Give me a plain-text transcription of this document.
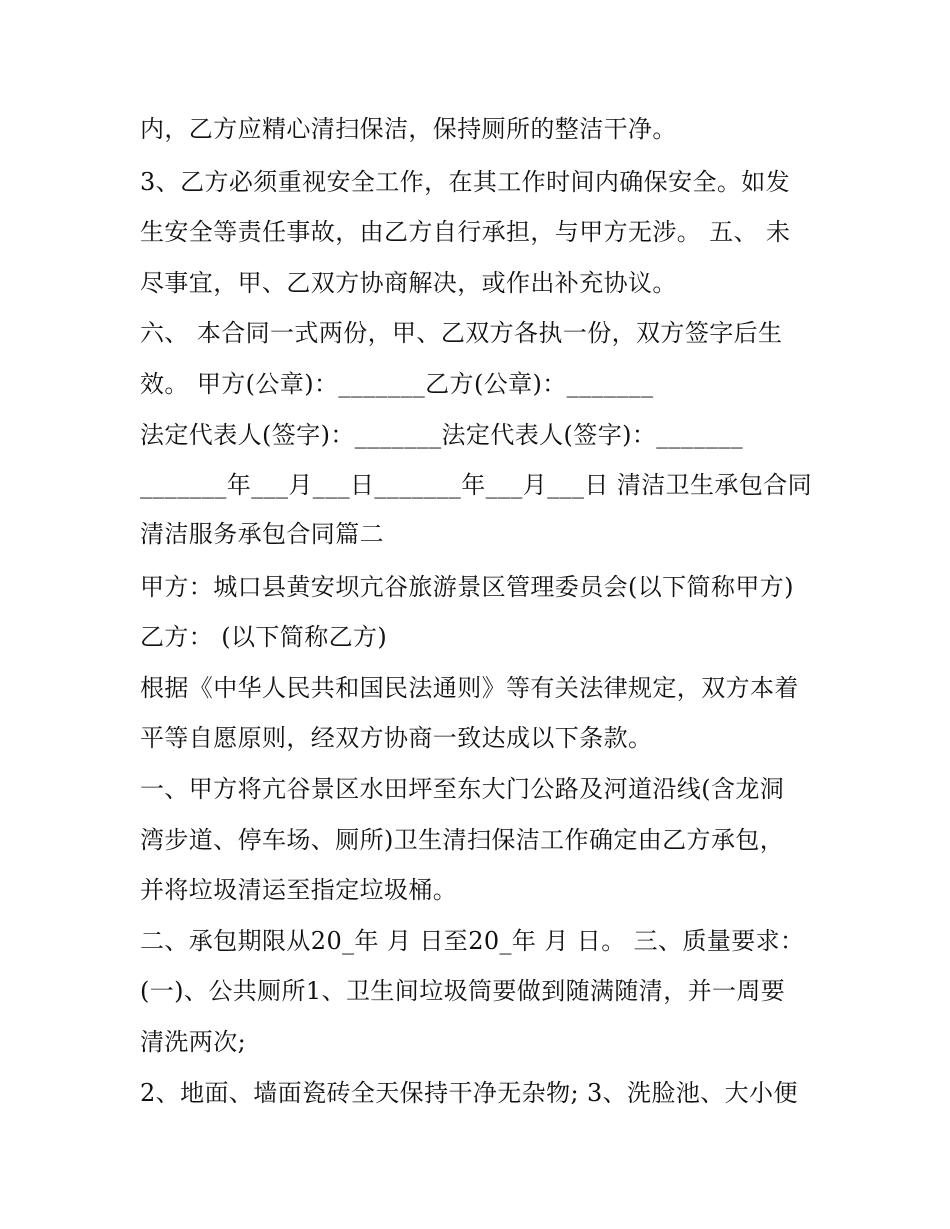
内，乙方应精心清扫保洁，保持厕所的整洁干净。
3、乙方必须重视安全工作，在其工作时间内确保安全。如发
生安全等责任事故，由乙方自行承担，与甲方无涉。 五、 未
尽事宜，甲、乙双方协商解决，或作出补充协议。
六、 本合同一式两份，甲、乙双方各执一份，双方签字后生
效。 甲方(公章)：_______乙方(公章)：_______
法定代表人(签字)：_______法定代表人(签字)：_______
_______年___月___日_______年___月___日 清洁卫生承包合同
清洁服务承包合同篇二
甲方：城口县黄安坝亢谷旅游景区管理委员会(以下简称甲方)
乙方： (以下简称乙方)
根据《中华人民共和国民法通则》等有关法律规定，双方本着
平等自愿原则，经双方协商一致达成以下条款。
一、甲方将亢谷景区水田坪至东大门公路及河道沿线(含龙洞
湾步道、停车场、厕所)卫生清扫保洁工作确定由乙方承包，
并将垃圾清运至指定垃圾桶。
二、承包期限从20_年 月 日至20_年 月 日。 三、质量要求：
(一)、公共厕所1、卫生间垃圾筒要做到随满随清，并一周要
清洗两次;
2、地面、墙面瓷砖全天保持干净无杂物; 3、洗脸池、大小便
